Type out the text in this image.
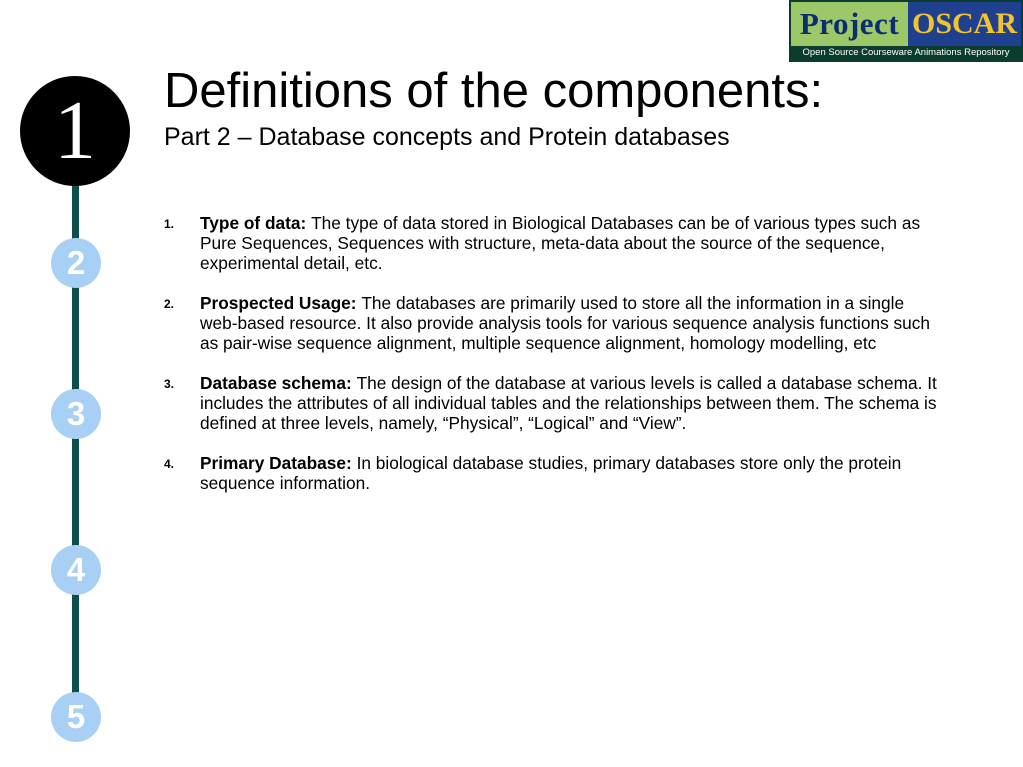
Project OSCAR
Open Source Courseware Animations Repository
1
2
3
4
5
Definitions of the components:
Part 2 – Database concepts and Protein databases
1. Type of data: The type of data stored in Biological Databases can be of various types such as Pure Sequences, Sequences with structure, meta-data about the source of the sequence, experimental detail, etc.
2. Prospected Usage: The databases are primarily used to store all the information in a single web-based resource. It also provide analysis tools for various sequence analysis functions such as pair-wise sequence alignment, multiple sequence alignment, homology modelling, etc
3. Database schema: The design of the database at various levels is called a database schema. It includes the attributes of all individual tables and the relationships between them. The schema is defined at three levels, namely, “Physical”, “Logical” and “View”.
4. Primary Database: In biological database studies, primary databases store only the protein sequence information.
